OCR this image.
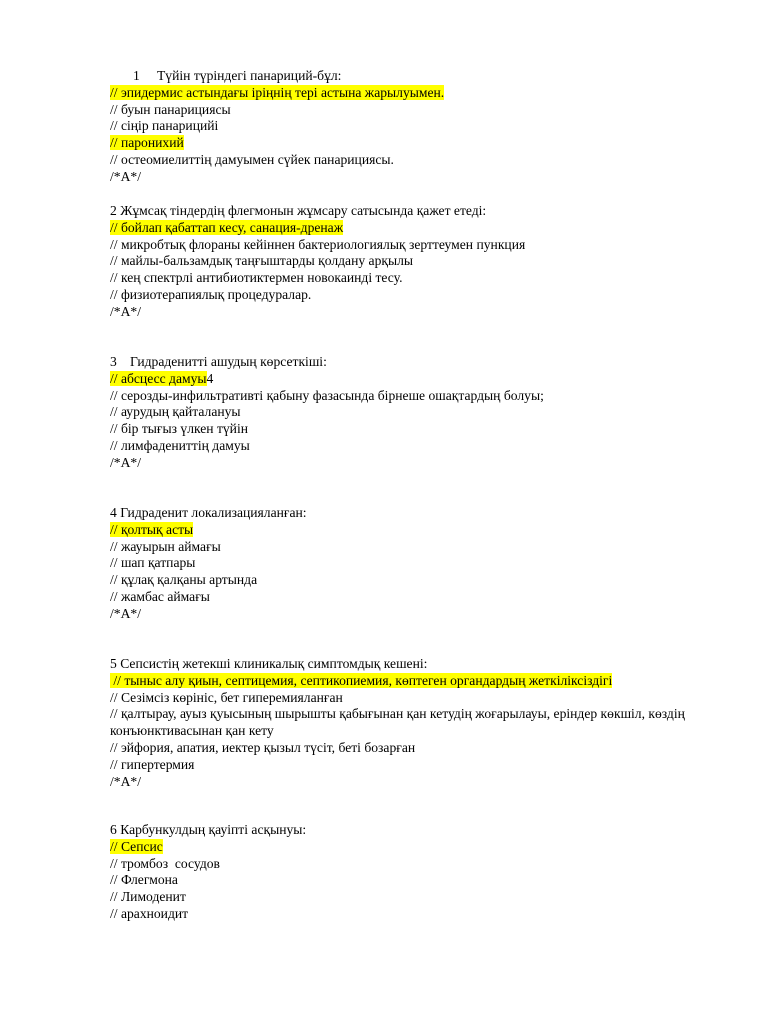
1 Түйін түріндегі панариций-бұл:
// эпидермис астындағы іріңнің тері астына жарылуымен.
// буын панарициясы
// сіңір панарицийі
// паронихий
// остеомиелиттің дамуымен сүйек панарициясы.
/*A*/
2 Жұмсақ тіндердің флегмонын жұмсару сатысында қажет етеді:
// бойлап қабаттап кесу, санация-дренаж
// микробтық флораны кейіннен бактериологиялық зерттеумен пункция
// майлы-бальзамдық таңғыштарды қолдану арқылы
// кең спектрлі антибиотиктермен новокаинді тесу.
// физиотерапиялық процедуралар.
/*A*/
3 Гидрадениттi ашудың көрсеткiшi:
// абсцесс дамуы4
// серозды-инфильтративтi қабыну фазасында бiрнеше ошақтардың болуы;
// аурудың қайталануы
// бiр тығыз үлкен түйiн
// лимфадениттiң дамуы
/*A*/
4 Гидраденит локализацияланған:
// қолтық асты
// жауырын аймағы
// шап қатпары
// құлақ қалқаны артында
// жамбас аймағы
/*A*/
5 Сепсистің жетекші клиникалық симптомдық кешені:
// тыныс алу қиын, септицемия, септикопиемия, көптеген органдардың жеткіліксіздігі
// Сезімсіз көрініс, бет гиперемияланған
// қалтырау, ауыз қуысының шырышты қабығынан қан кетудің жоғарылауы, еріндер көкшіл, көздің конъюнктивасынан қан кету
// эйфория, апатия, иектер қызыл түсіт, беті бозарған
// гипертермия
/*A*/
6 Карбункулдың қауіпті асқынуы:
// Сепсис
// тромбоз  сосудов
// Флегмона
// Лимоденит
// арахноидит
